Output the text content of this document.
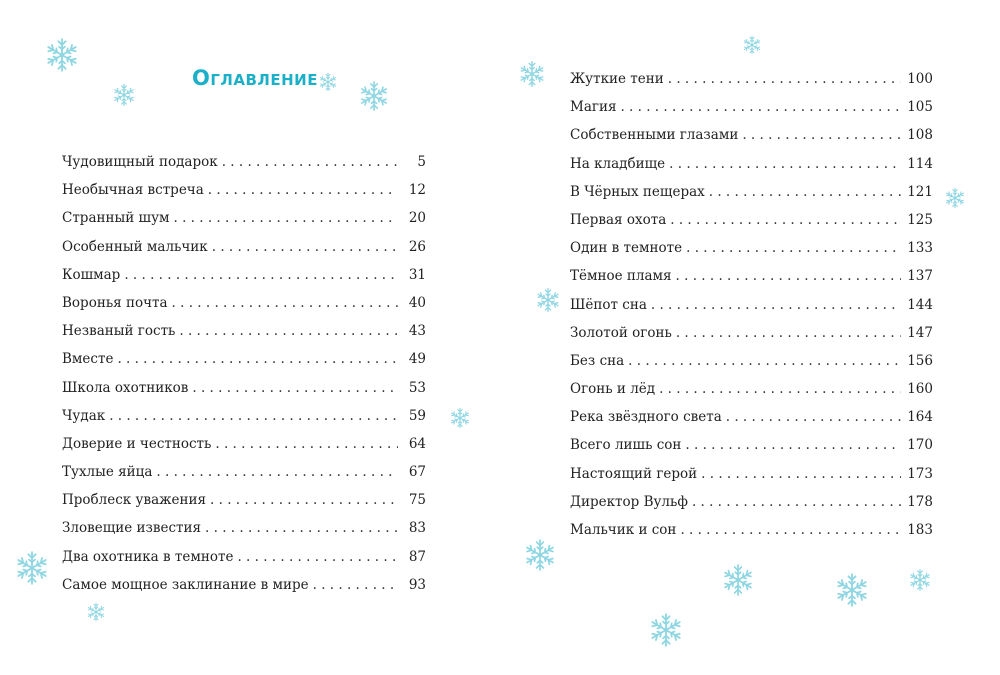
Оглавление
Чудовищный подарок . . .	5
Необычная встреча . . .	12
Странный шум . . .	20
Особенный мальчик . . .	26
Кошмар . . .	31
Воронья почта . . .	40
Незваный гость . . .	43
Вместе . . .	49
Школа охотников . . .	53
Чудак . . .	59
Доверие и честность . . .	64
Тухлые яйца . . .	67
Проблеск уважения . . .	75
Зловещие известия . . .	83
Два охотника в темноте . . .	87
Самое мощное заклинание в мире . . .	93
Жуткие тени . . .	100
Магия . . .	105
Собственными глазами . . .	108
На кладбище . . .	114
В Чёрных пещерах . . .	121
Первая охота . . .	125
Один в темноте . . .	133
Тёмное пламя . . .	137
Шёпот сна . . .	144
Золотой огонь . . .	147
Без сна . . .	156
Огонь и лёд . . .	160
Река звёздного света . . .	164
Всего лишь сон . . .	170
Настоящий герой . . .	173
Директор Вульф . . .	178
Мальчик и сон . . .	183
